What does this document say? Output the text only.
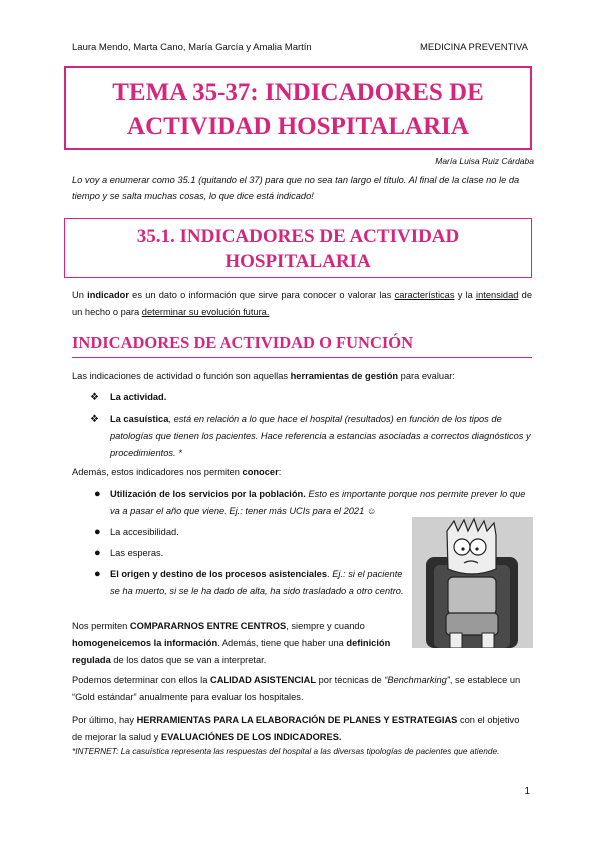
Laura Mendo, Marta Cano, María García y Amalia Martín	MEDICINA PREVENTIVA
TEMA 35-37: INDICADORES DE
ACTIVIDAD HOSPITALARIA
María Luisa Ruiz Cárdaba
Lo voy a enumerar como 35.1 (quitando el 37) para que no sea tan largo el título. Al final de la clase no le da tiempo y se salta muchas cosas, lo que dice está indicado!
35.1. INDICADORES DE ACTIVIDAD
HOSPITALARIA
Un indicador es un dato o información que sirve para conocer o valorar las características y la intensidad de un hecho o para determinar su evolución futura.
INDICADORES DE ACTIVIDAD O FUNCIÓN
Las indicaciones de actividad o función son aquellas herramientas de gestión para evaluar:
❖ La actividad.
❖ La casuística, está en relación a lo que hace el hospital (resultados) en función de los tipos de patologías que tienen los pacientes. Hace referencia a estancias asociadas a correctos diagnósticos y procedimientos. *
Además, estos indicadores nos permiten conocer:
● Utilización de los servicios por la población. Esto es importante porque nos permite prever lo que va a pasar el año que viene. Ej.: tener más UCIs para el 2021 ☺
● La accesibilidad.
● Las esperas.
● El origen y destino de los procesos asistenciales. Ej.: si el paciente se ha muerto, si se le ha dado de alta, ha sido trasladado a otro centro.
Nos permiten COMPARARNOS ENTRE CENTROS, siempre y cuando homogeneicemos la información. Además, tiene que haber una definición regulada de los datos que se van a interpretar.
Podemos determinar con ellos la CALIDAD ASISTENCIAL por técnicas de “Benchmarking”, se establece un “Gold estándar” anualmente para evaluar los hospitales.
Por último, hay HERRAMIENTAS PARA LA ELABORACIÓN DE PLANES Y ESTRATEGIAS con el objetivo de mejorar la salud y EVALUACIÓNES DE LOS INDICADORES.
*INTERNET: La casuística representa las respuestas del hospital a las diversas tipologías de pacientes que atiende.
1
